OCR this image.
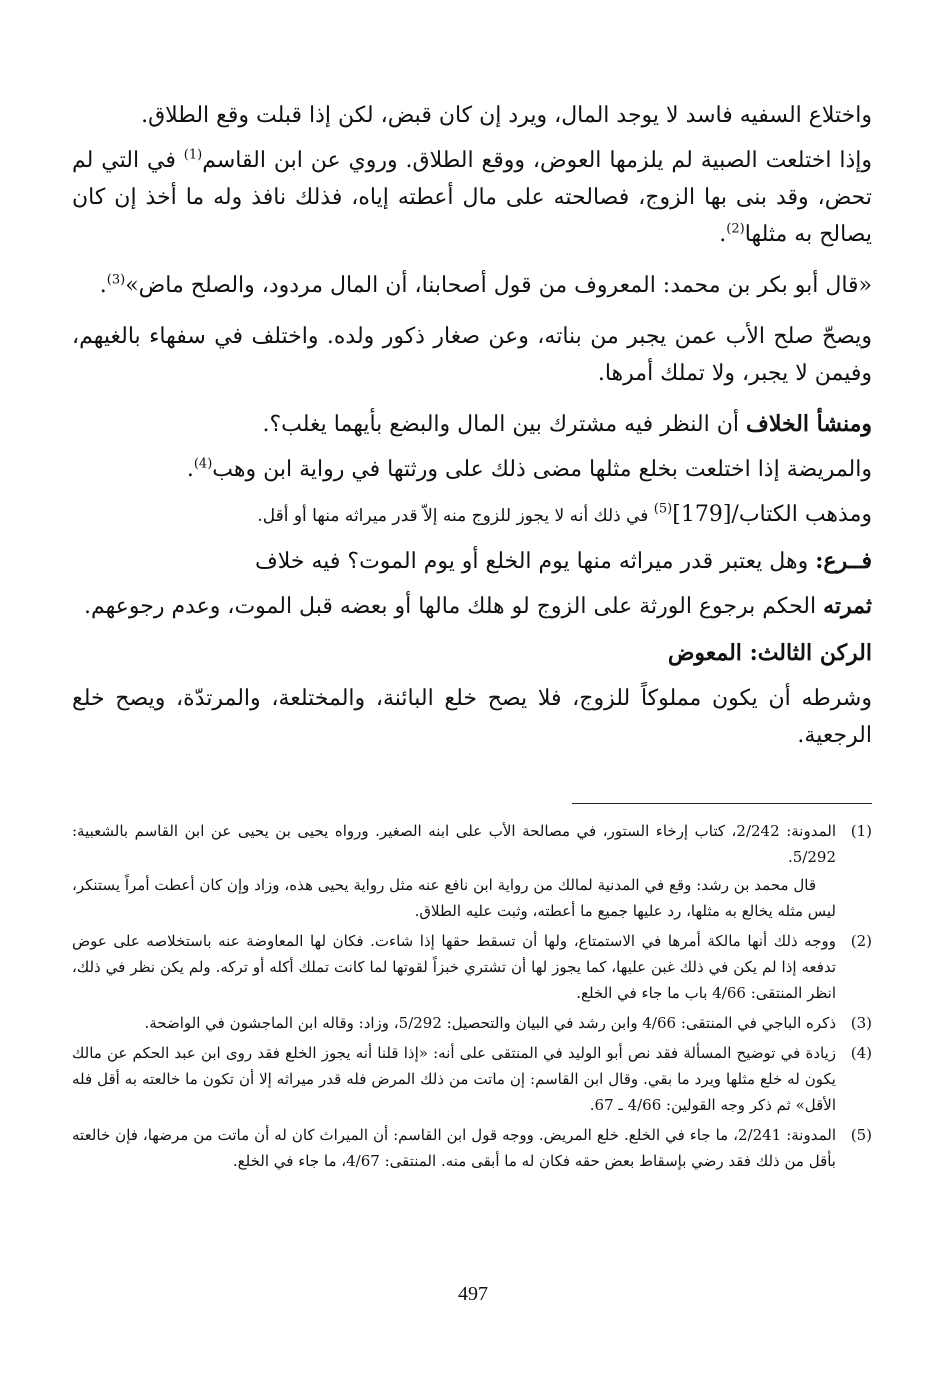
واختلاع السفيه فاسد لا يوجد المال، ويرد إن كان قبض، لكن إذا قبلت وقع الطلاق.

وإذا اختلعت الصبية لم يلزمها العوض، ووقع الطلاق. وروي عن ابن القاسم$^{(1)}$ في التي لم تحض، وقد بنى بها الزوج، فصالحته على مال أعطته إياه، فذلك نافذ وله ما أخذ إن كان يصالح به مثلها$^{(2)}$.

«قال أبو بكر بن محمد: المعروف من قول أصحابنا، أن المال مردود، والصلح ماض»$^{(3)}$.

ويصحّ صلح الأب عمن يجبر من بناته، وعن صغار ذكور ولده. واختلف في سفهاء بالغيهم، وفيمن لا يجبر، ولا تملك أمرها.

ومنشأ الخلاف أن النظر فيه مشترك بين المال والبضع بأيهما يغلب؟.

والمريضة إذا اختلعت بخلع مثلها مضى ذلك على ورثتها في رواية ابن وهب$^{(4)}$.

ومذهب الكتاب/$[179]^{(5)}$ في ذلك أنه لا يجوز للزوج منه إلاّ قدر ميراثه منها أو أقل.

فــرع: وهل يعتبر قدر ميراثه منها يوم الخلع أو يوم الموت؟ فيه خلاف

ثمرته الحكم برجوع الورثة على الزوج لو هلك مالها أو بعضه قبل الموت، وعدم رجوعهم.

الركن الثالث: المعوض

وشرطه أن يكون مملوكاً للزوج، فلا يصح خلع البائنة، والمختلعة، والمرتدّة، ويصح خلع الرجعية.

(1)

المدونة: 2/242، كتاب إرخاء الستور، في مصالحة الأب على ابنه الصغير. ورواه يحيى بن يحيى عن ابن القاسم بالشعبية: 5/292.

قال محمد بن رشد: وقع في المدنية لمالك من رواية ابن نافع عنه مثل رواية يحيى هذه، وزاد وإن كان أعطت أمراً يستنكر، ليس مثله يخالع به مثلها، رد عليها جميع ما أعطته، وثبت عليه الطلاق.

(2)

ووجه ذلك أنها مالكة أمرها في الاستمتاع، ولها أن تسقط حقها إذا شاءت. فكان لها المعاوضة عنه باستخلاصه على عوض تدفعه إذا لم يكن في ذلك غبن عليها، كما يجوز لها أن تشتري خبزاً لقوتها لما كانت تملك أكله أو تركه. ولم يكن نظر في ذلك، انظر المنتقى: 4/66 باب ما جاء في الخلع.

(3)

ذكره الباجي في المنتقى: 4/66 وابن رشد في البيان والتحصيل: 5/292، وزاد: وقاله ابن الماجشون في الواضحة.

(4)

زيادة في توضيح المسألة فقد نص أبو الوليد في المنتقى على أنه: «إذا قلنا أنه يجوز الخلع فقد روى ابن عبد الحكم عن مالك يكون له خلع مثلها ويرد ما بقي. وقال ابن القاسم: إن ماتت من ذلك المرض فله قدر ميراثه إلا أن تكون ما خالعته به أقل فله الأقل» ثم ذكر وجه القولين: 4/66 ـ 67.

(5)

المدونة: 2/241، ما جاء في الخلع. خلع المريض. ووجه قول ابن القاسم: أن الميراث كان له أن ماتت من مرضها، فإن خالعته بأقل من ذلك فقد رضي بإسقاط بعض حقه فكان له ما أبقى منه. المنتقى: 4/67، ما جاء في الخلع.

497
